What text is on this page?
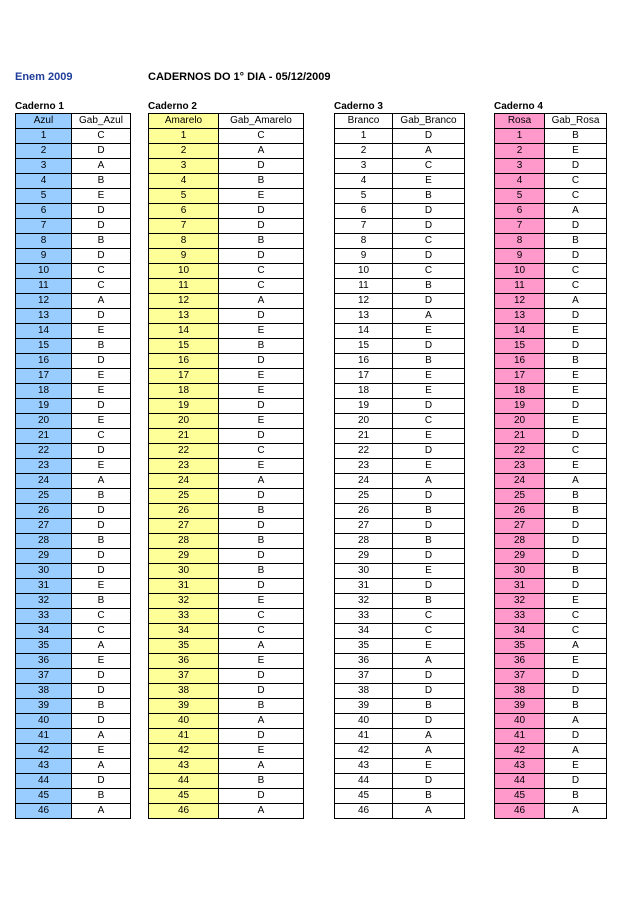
Enem 2009	CADERNOS DO 1° DIA - 05/12/2009
Caderno 1
Azul	Gab_Azul
1	C
2	D
3	A
4	B
5	E
6	D
7	D
8	B
9	D
10	C
11	C
12	A
13	D
14	E
15	B
16	D
17	E
18	E
19	D
20	E
21	C
22	D
23	E
24	A
25	B
26	D
27	D
28	B
29	D
30	D
31	E
32	B
33	C
34	C
35	A
36	E
37	D
38	D
39	B
40	D
41	A
42	E
43	A
44	D
45	B
46	A
Caderno 2
Amarelo	Gab_Amarelo
1	C
2	A
3	D
4	B
5	E
6	D
7	D
8	B
9	D
10	C
11	C
12	A
13	D
14	E
15	B
16	D
17	E
18	E
19	D
20	E
21	D
22	C
23	E
24	A
25	D
26	B
27	D
28	B
29	D
30	B
31	D
32	E
33	C
34	C
35	A
36	E
37	D
38	D
39	B
40	A
41	D
42	E
43	A
44	B
45	D
46	A
Caderno 3
Branco	Gab_Branco
1	D
2	A
3	C
4	E
5	B
6	D
7	D
8	C
9	D
10	C
11	B
12	D
13	A
14	E
15	D
16	B
17	E
18	E
19	D
20	C
21	E
22	D
23	E
24	A
25	D
26	B
27	D
28	B
29	D
30	E
31	D
32	B
33	C
34	C
35	E
36	A
37	D
38	D
39	B
40	D
41	A
42	A
43	E
44	D
45	B
46	A
Caderno 4
Rosa	Gab_Rosa
1	B
2	E
3	D
4	C
5	C
6	A
7	D
8	B
9	D
10	C
11	C
12	A
13	D
14	E
15	D
16	B
17	E
18	E
19	D
20	E
21	D
22	C
23	E
24	A
25	B
26	B
27	D
28	D
29	D
30	B
31	D
32	E
33	C
34	C
35	A
36	E
37	D
38	D
39	B
40	A
41	D
42	A
43	E
44	D
45	B
46	A
